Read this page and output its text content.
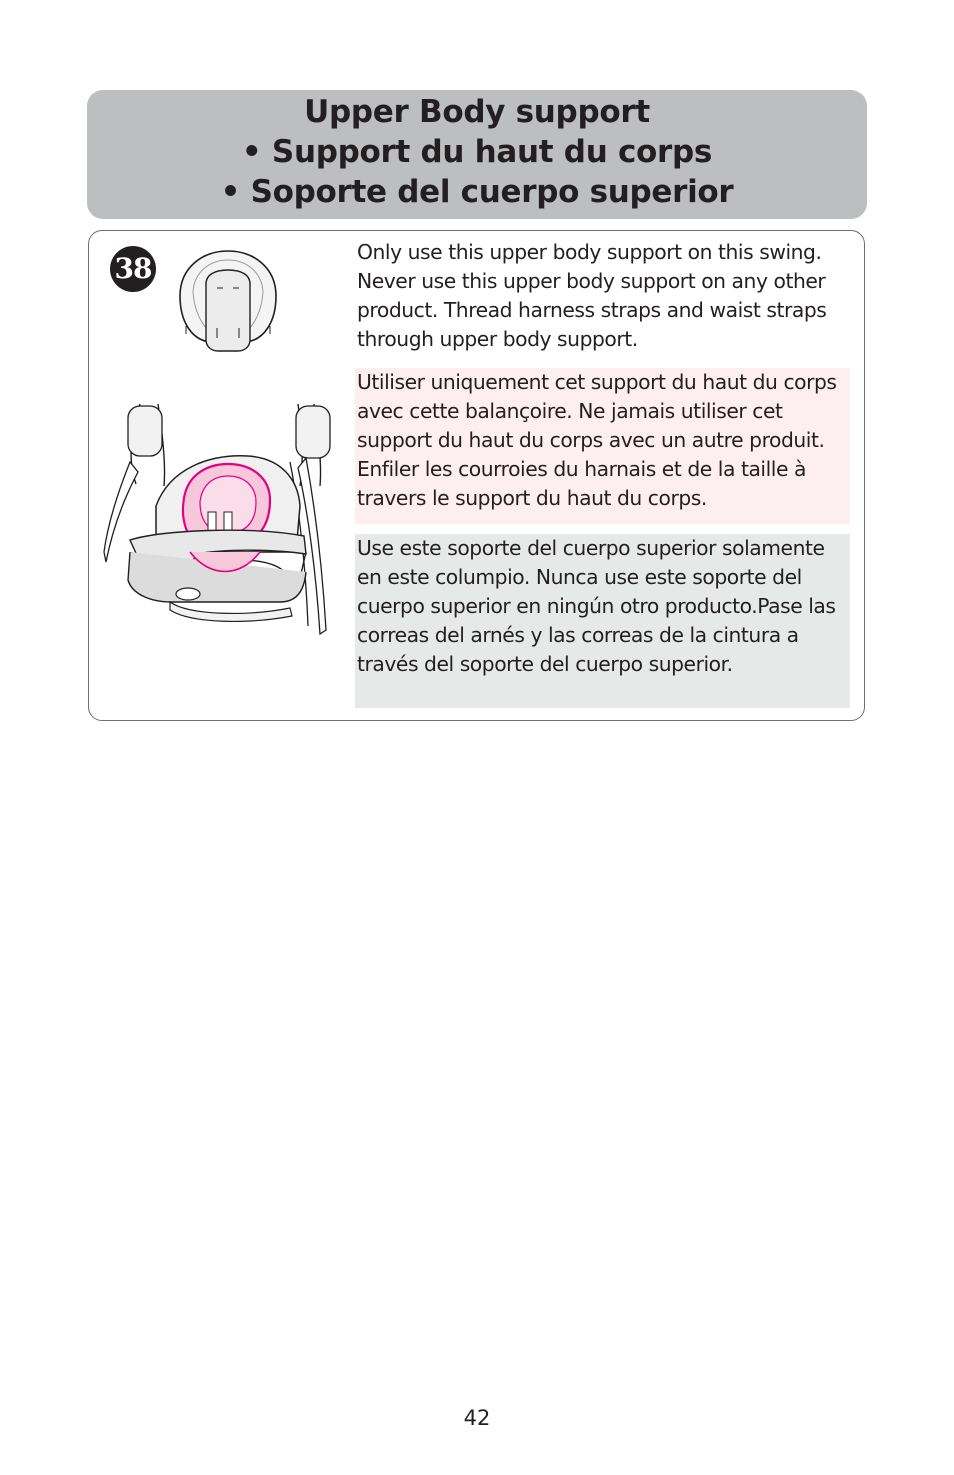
Upper Body support
• Support du haut du corps
• Soporte del cuerpo superior
38	Only use this upper body support on this swing. Never use this upper body support on any other product. Thread harness straps and waist straps through upper body support.
Utiliser uniquement cet support du haut du corps avec cette balançoire. Ne jamais utiliser cet support du haut du corps avec un autre produit. Enfiler les courroies du harnais et de la taille à travers le support du haut du corps.
Use este soporte del cuerpo superior solamente en este columpio. Nunca use este soporte del cuerpo superior en ningún otro producto.Pase las correas del arnés y las correas de la cintura a través del soporte del cuerpo superior.
42
